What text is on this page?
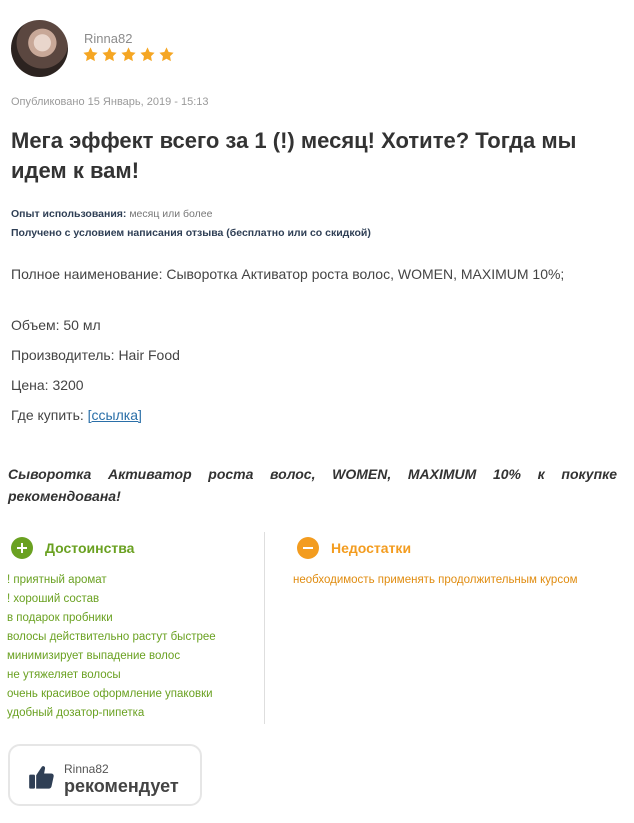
Rinna82
Опубликовано 15 Январь, 2019 - 15:13
Мега эффект всего за 1 (!) месяц! Хотите? Тогда мы идем к вам!
Опыт использования: месяц или более
Получено с условием написания отзыва (бесплатно или со скидкой)
Полное наименование: Сыворотка Активатор роста волос, WOMEN, MAXIMUM 10%;
Объем: 50 мл
Производитель: Hair Food
Цена: 3200
Где купить: [ссылка]
Сыворотка Активатор роста волос, WOMEN, MAXIMUM 10% к покупке рекомендована!
Достоинства	Недостатки
! приятный аромат
! хороший состав
в подарок пробники
волосы действительно растут быстрее
минимизирует выпадение волос
не утяжеляет волосы
очень красивое оформление упаковки
удобный дозатор-пипетка
необходимость применять продолжительным курсом
Rinna82
рекомендует
